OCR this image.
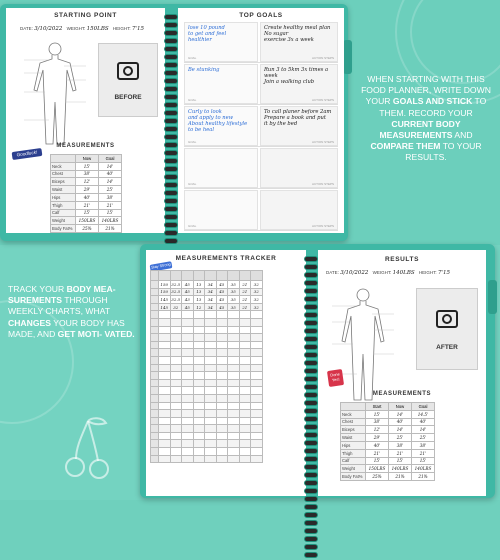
STARTING POINT
DATE: 3/10/2022 WEIGHT: 150LBS HEIGHT: 7'15
BEFORE
MEASUREMENTS
Goodluck!
	Now	Goal
Neck	15'	14'
Chest	38'	40'
Biceps	12'	14'
Waist	29'	25'
Hips	40'	38'
Thigh	21'	21'
Calf	15'	15'
Weight	150LBS	140LBS
Body Fat%	25%	21%
TOP GOALS
lose 10 pound
to get and feel
healthier
GOAL
Create healthy meal plan
No sugar
exercise 3x a week
ACTION STEPS
Be stunking
GOAL
Run 3 to 5km 3x times a week
Join a walking club
ACTION STEPS
Curly to look
and apply to new
About healthy lifestyle
to be heal
GOAL
To call planer before 2am
Prepare a book and put
it by the bed
ACTION STEPS
GOAL	ACTION STEPS
GOAL	ACTION STEPS
WHEN STARTING WITH THIS FOOD PLANNER, WRITE DOWN YOUR GOALS AND STICK TO THEM. RECORD YOUR CURRENT BODY MEASUREMENTS AND COMPARE THEM TO YOUR RESULTS.
TRACK YOUR BODY MEA- SUREMENTS THROUGH WEEKLY CHARTS, WHAT CHANGES YOUR BODY HAS MADE, AND GET MOTI- VATED.
MEASUREMENTS TRACKER
Stay Strong

	150	32.5	45	13	34	45	35	21	32
	150	32.5	45	13	34	45	35	21	32
	145	32.5	43	13	34	45	35	21	32
	145	32	45	12	34	45	35	21	32

RESULTS
DATE: 3/10/2022 WEIGHT: 140LBS HEIGHT: 7'15
AFTER
MEASUREMENTS
Done Yes!
	Start	Now	Goal
Neck	15'	14'	14.5'
Chest	38'	40'	40'
Biceps	12'	14'	14'
Waist	29'	25'	25'
Hips	40'	38'	38'
Thigh	21'	21'	21'
Calf	15'	15'	15'
Weight	150LBS	140LBS	140LBS
Body Fat%	25%	21%	21%
